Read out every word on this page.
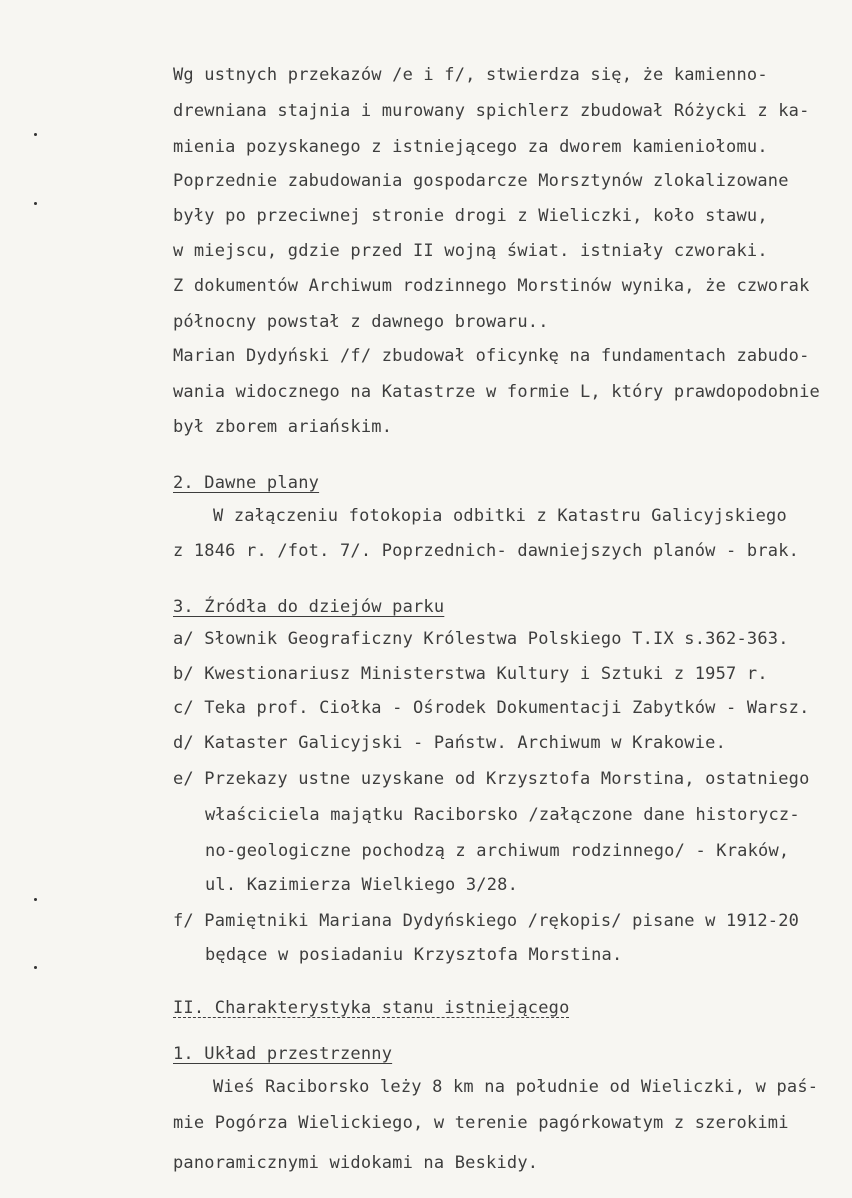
Wg ustnych przekazów /e i f/, stwierdza się, że kamienno-
drewniana stajnia i murowany spichlerz zbudował Różycki z ka-
mienia pozyskanego z istniejącego za dworem kamieniołomu.
Poprzednie zabudowania gospodarcze Morsztynów zlokalizowane
były po przeciwnej stronie drogi z Wieliczki, koło stawu,
w miejscu, gdzie przed II wojną świat. istniały czworaki.
Z dokumentów Archiwum rodzinnego Morstinów wynika, że czworak
północny powstał z dawnego browaru..
Marian Dydyński /f/ zbudował oficynkę na fundamentach zabudo-
wania widocznego na Katastrze w formie L, który prawdopodobnie
był zborem ariańskim.
2. Dawne plany
W załączeniu fotokopia odbitki z Katastru Galicyjskiego
z 1846 r. /fot. 7/. Poprzednich- dawniejszych planów - brak.
3. Źródła do dziejów parku
a/ Słownik Geograficzny Królestwa Polskiego T.IX s.362-363.
b/ Kwestionariusz Ministerstwa Kultury i Sztuki z 1957 r.
c/ Teka prof. Ciołka - Ośrodek Dokumentacji Zabytków - Warsz.
d/ Kataster Galicyjski - Państw. Archiwum w Krakowie.
e/ Przekazy ustne uzyskane od Krzysztofa Morstina, ostatniego
właściciela majątku Raciborsko /załączone dane historycz-
no-geologiczne pochodzą z archiwum rodzinnego/ - Kraków,
ul. Kazimierza Wielkiego 3/28.
f/ Pamiętniki Mariana Dydyńskiego /rękopis/ pisane w 1912-20
będące w posiadaniu Krzysztofa Morstina.
II. Charakterystyka stanu istniejącego
1. Układ przestrzenny
Wieś Raciborsko leży 8 km na południe od Wieliczki, w paś-
mie Pogórza Wielickiego, w terenie pagórkowatym z szerokimi
panoramicznymi widokami na Beskidy.
